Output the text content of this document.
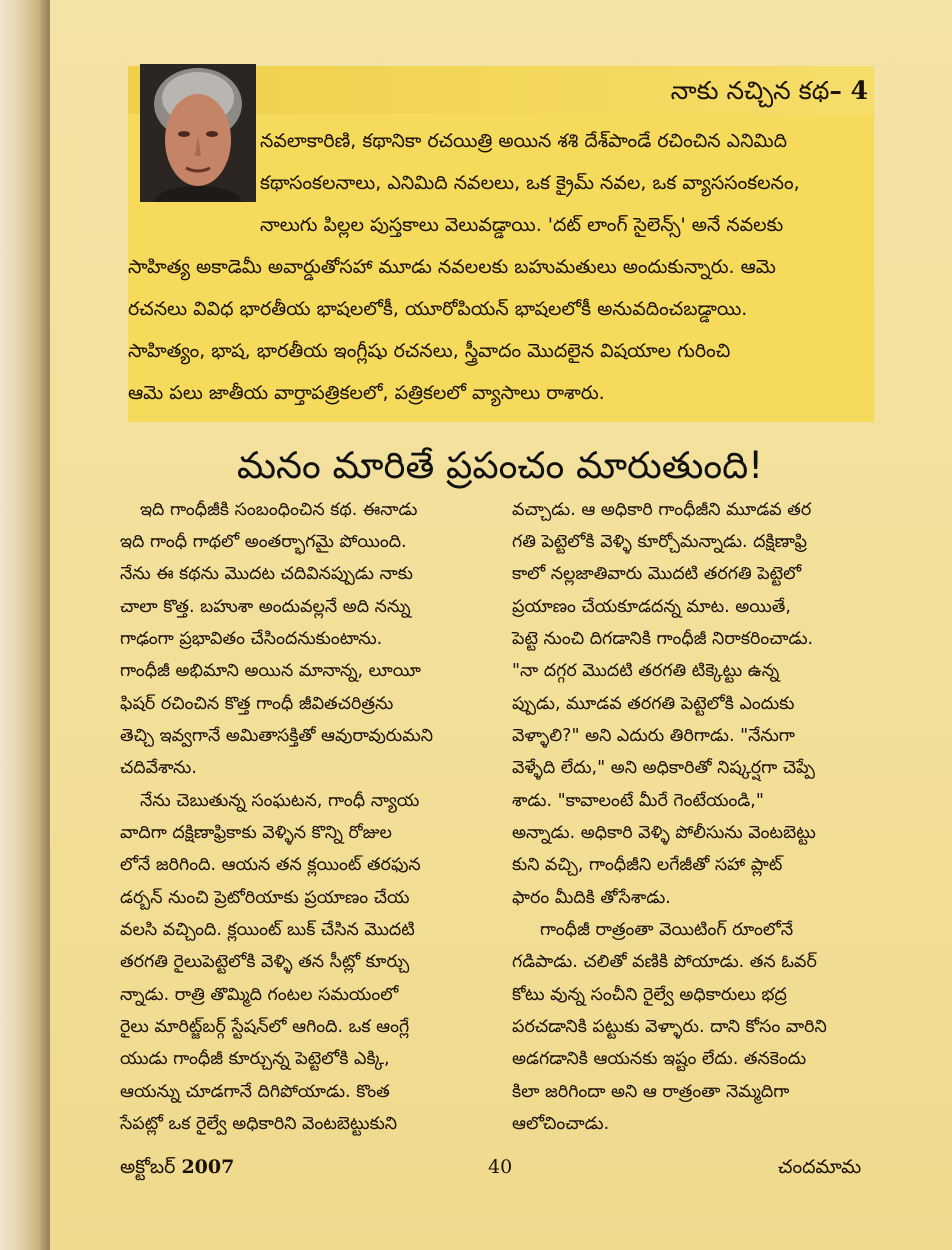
నాకు నచ్చిన కథ– 4
నవలాకారిణి, కథానికా రచయిత్రి అయిన శశి దేశ్‌పాండే రచించిన ఎనిమిది
కథాసంకలనాలు, ఎనిమిది నవలలు, ఒక క్రైమ్ నవల, ఒక వ్యాససంకలనం,
నాలుగు పిల్లల పుస్తకాలు వెలువడ్డాయి. 'దట్ లాంగ్ సైలెన్స్' అనే నవలకు
సాహిత్య అకాడెమీ అవార్డుతోసహా మూడు నవలలకు బహుమతులు అందుకున్నారు. ఆమె
రచనలు వివిధ భారతీయ భాషలలోకీ, యూరోపియన్ భాషలలోకీ అనువదించబడ్డాయి.
సాహిత్యం, భాష, భారతీయ ఇంగ్లీషు రచనలు, స్త్రీవాదం మొదలైన విషయాల గురించి
ఆమె పలు జాతీయ వార్తాపత్రికలలో, పత్రికలలో వ్యాసాలు రాశారు.
మనం మారితే ప్రపంచం మారుతుంది!
ఇది గాంధీజీకి సంబంధించిన కథ. ఈనాడు
ఇది గాంధీ గాథలో అంతర్భాగమై పోయింది.
నేను ఈ కథను మొదట చదివినప్పుడు నాకు
చాలా కొత్త. బహుశా అందువల్లనే అది నన్ను
గాఢంగా ప్రభావితం చేసిందనుకుంటాను.
గాంధీజీ అభిమాని అయిన మానాన్న, లూయీ
ఫిషర్ రచించిన కొత్త గాంధీ జీవితచరిత్రను
తెచ్చి ఇవ్వగానే అమితాసక్తితో ఆవురావురుమని
చదివేశాను.
నేను చెబుతున్న సంఘటన, గాంధీ న్యాయ
వాదిగా దక్షిణాఫ్రికాకు వెళ్ళిన కొన్ని రోజుల
లోనే జరిగింది. ఆయన తన క్లయింట్ తరఫున
డర్బన్ నుంచి ప్రెటోరియాకు ప్రయాణం చేయ
వలసి వచ్చింది. క్లయింట్ బుక్ చేసిన మొదటి
తరగతి రైలుపెట్టెలోకి వెళ్ళి తన సీట్లో కూర్చు
న్నాడు. రాత్రి తొమ్మిది గంటల సమయంలో
రైలు మారిట్జ్‌బర్గ్ స్టేషన్‌లో ఆగింది. ఒక ఆంగ్లే
యుడు గాంధీజీ కూర్చున్న పెట్టెలోకి ఎక్కి,
ఆయన్ను చూడగానే దిగిపోయాడు. కొంత
సేపట్లో ఒక రైల్వే అధికారిని వెంటబెట్టుకుని
వచ్చాడు. ఆ అధికారి గాంధీజీని మూడవ తర
గతి పెట్టెలోకి వెళ్ళి కూర్చోమన్నాడు. దక్షిణాఫ్రి
కాలో నల్లజాతివారు మొదటి తరగతి పెట్టెలో
ప్రయాణం చేయకూడదన్న మాట. అయితే,
పెట్టె నుంచి దిగడానికి గాంధీజీ నిరాకరించాడు.
"నా దగ్గర మొదటి తరగతి టిక్కెట్టు ఉన్న
ప్పుడు, మూడవ తరగతి పెట్టెలోకి ఎందుకు
వెళ్ళాలి?" అని ఎదురు తిరిగాడు. "నేనుగా
వెళ్ళేది లేదు," అని అధికారితో నిష్కర్షగా చెప్పే
శాడు. "కావాలంటే మీరే గెంటేయండి,"
అన్నాడు. అధికారి వెళ్ళి పోలీసును వెంటబెట్టు
కుని వచ్చి, గాంధీజీని లగేజీతో సహా ప్లాట్
ఫారం మీదికి తోసేశాడు.
గాంధీజీ రాత్రంతా వెయిటింగ్ రూంలోనే
గడిపాడు. చలితో వణికి పోయాడు. తన ఓవర్
కోటు వున్న సంచీని రైల్వే అధికారులు భద్ర
పరచడానికి పట్టుకు వెళ్ళారు. దాని కోసం వారిని
అడగడానికి ఆయనకు ఇష్టం లేదు. తనకెందు
కిలా జరిగిందా అని ఆ రాత్రంతా నెమ్మదిగా
ఆలోచించాడు.
అక్టోబర్ 2007	40	చందమామ
